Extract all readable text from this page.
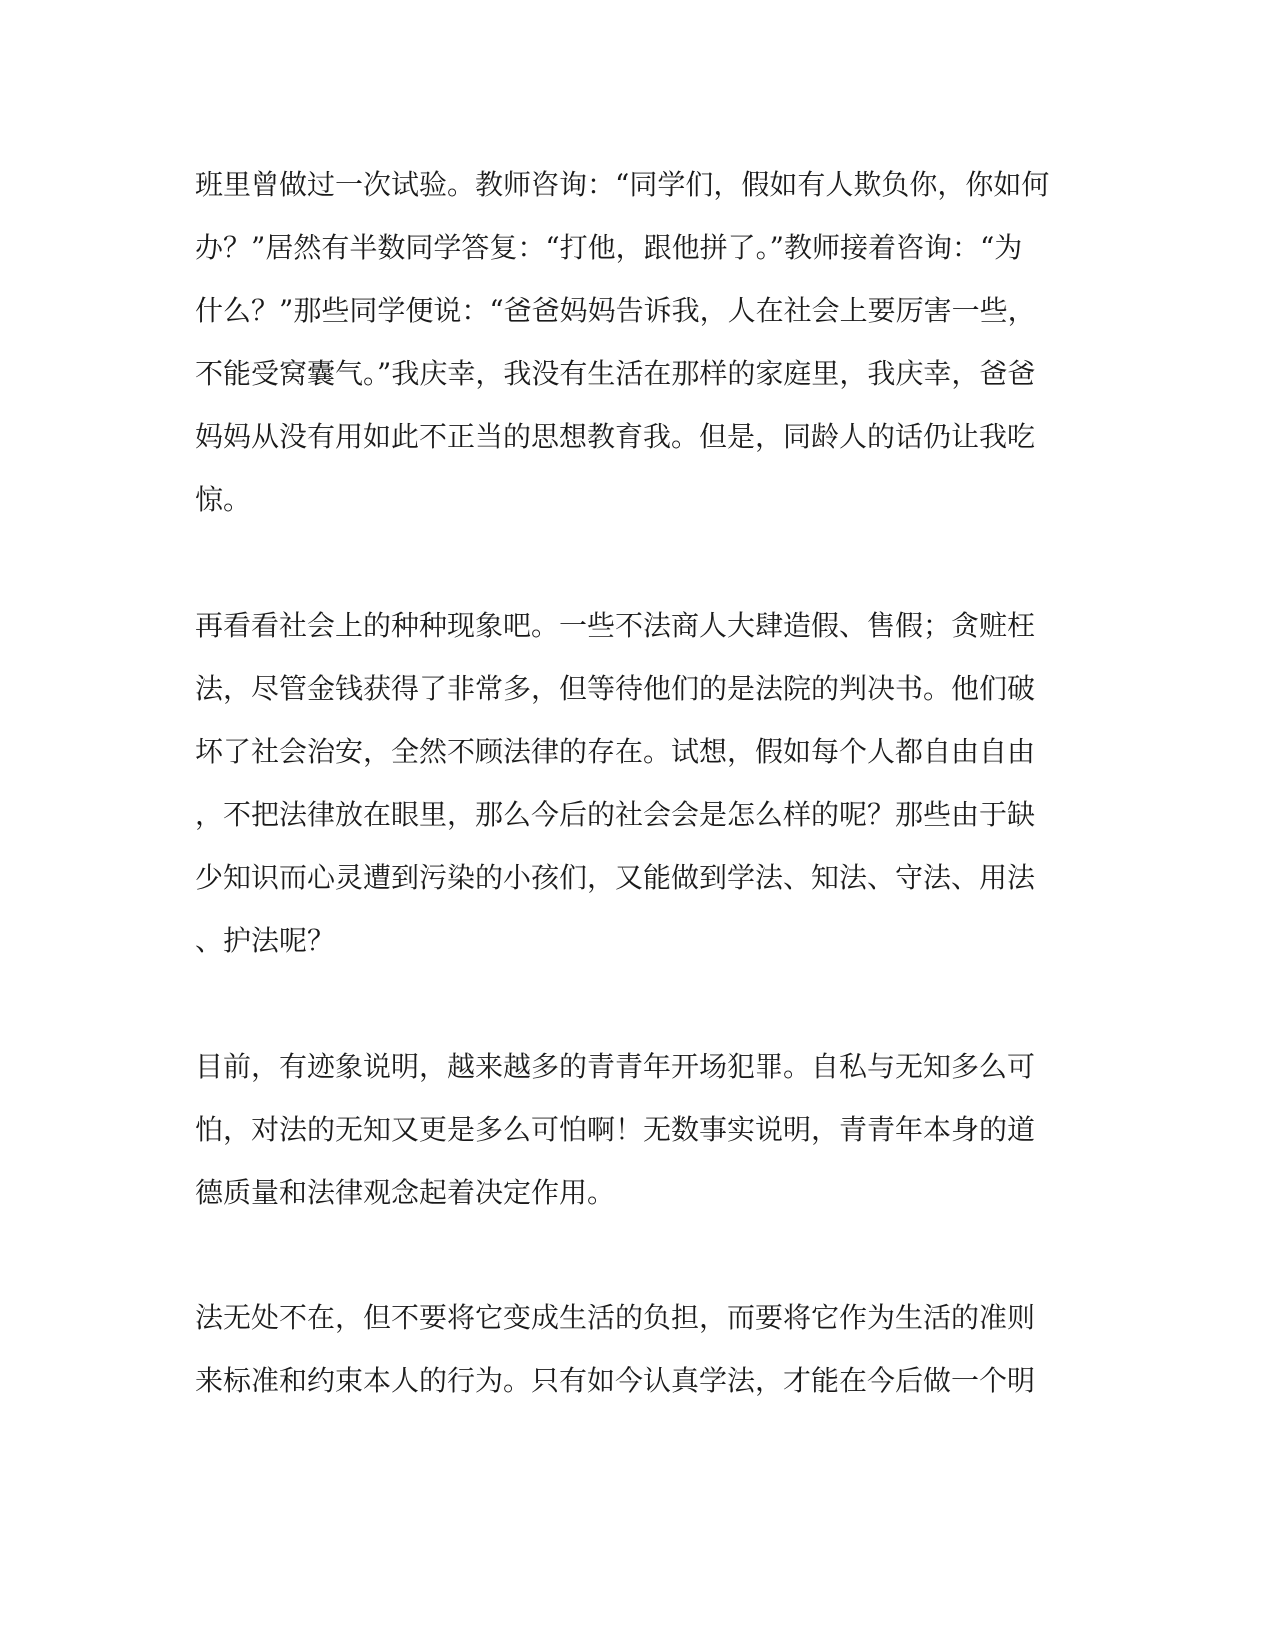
班里曾做过一次试验。教师咨询：“同学们，假如有人欺负你，你如何
办？”居然有半数同学答复：“打他，跟他拼了。”教师接着咨询：“为
什么？”那些同学便说：“爸爸妈妈告诉我，人在社会上要厉害一些，
不能受窝囊气。”我庆幸，我没有生活在那样的家庭里，我庆幸，爸爸
妈妈从没有用如此不正当的思想教育我。但是，同龄人的话仍让我吃
惊。
再看看社会上的种种现象吧。一些不法商人大肆造假、售假；贪赃枉
法，尽管金钱获得了非常多，但等待他们的是法院的判决书。他们破
坏了社会治安，全然不顾法律的存在。试想，假如每个人都自由自由
，不把法律放在眼里，那么今后的社会会是怎么样的呢？那些由于缺
少知识而心灵遭到污染的小孩们，又能做到学法、知法、守法、用法
、护法呢？
目前，有迹象说明，越来越多的青青年开场犯罪。自私与无知多么可
怕，对法的无知又更是多么可怕啊！无数事实说明，青青年本身的道
德质量和法律观念起着决定作用。
法无处不在，但不要将它变成生活的负担，而要将它作为生活的准则
来标准和约束本人的行为。只有如今认真学法，才能在今后做一个明
